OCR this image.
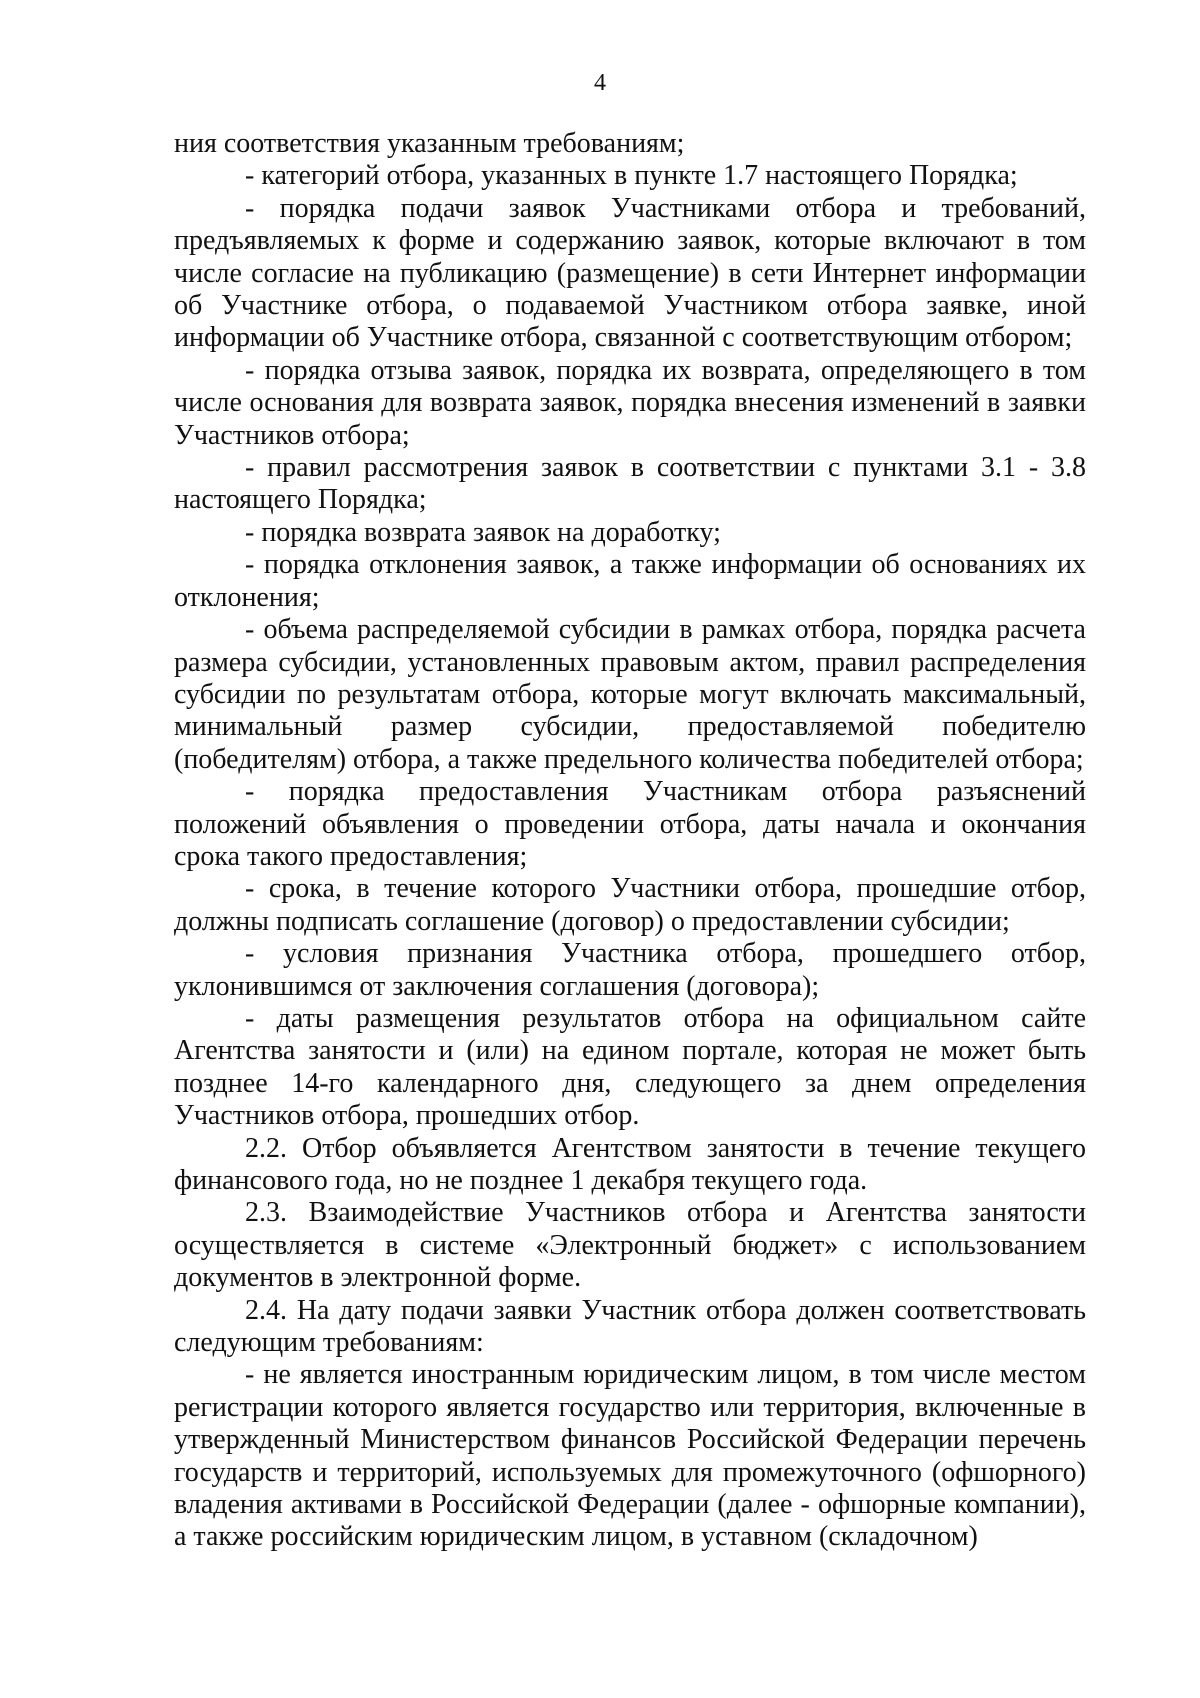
4

ния соответствия указанным требованиям;

- категорий отбора, указанных в пункте 1.7 настоящего Порядка;

- порядка подачи заявок Участниками отбора и требований, предъявляемых к форме и содержанию заявок, которые включают в том числе согласие на публикацию (размещение) в сети Интернет информации об Участнике отбора, о подаваемой Участником отбора заявке, иной информации об Участнике отбора, связанной с соответствующим отбором;

- порядка отзыва заявок, порядка их возврата, определяющего в том числе основания для возврата заявок, порядка внесения изменений в заявки Участников отбора;

- правил рассмотрения заявок в соответствии с пунктами 3.1 - 3.8 настоящего Порядка;

- порядка возврата заявок на доработку;

- порядка отклонения заявок, а также информации об основаниях их отклонения;

- объема распределяемой субсидии в рамках отбора, порядка расчета размера субсидии, установленных правовым актом, правил распределения субсидии по результатам отбора, которые могут включать максимальный, минимальный размер субсидии, предоставляемой победителю (победителям) отбора, а также предельного количества победителей отбора;

- порядка предоставления Участникам отбора разъяснений положений объявления о проведении отбора, даты начала и окончания срока такого предоставления;

- срока, в течение которого Участники отбора, прошедшие отбор, должны подписать соглашение (договор) о предоставлении субсидии;

- условия признания Участника отбора, прошедшего отбор, уклонившимся от заключения соглашения (договора);

- даты размещения результатов отбора на официальном сайте Агентства занятости и (или) на едином портале, которая не может быть позднее 14-го календарного дня, следующего за днем определения Участников отбора, прошедших отбор.

2.2. Отбор объявляется Агентством занятости в течение текущего финансового года, но не позднее 1 декабря текущего года.

2.3. Взаимодействие Участников отбора и Агентства занятости осуществляется в системе «Электронный бюджет» с использованием документов в электронной форме.

2.4. На дату подачи заявки Участник отбора должен соответствовать следующим требованиям:

- не является иностранным юридическим лицом, в том числе местом регистрации которого является государство или территория, включенные в утвержденный Министерством финансов Российской Федерации перечень государств и территорий, используемых для промежуточного (офшорного) владения активами в Российской Федерации (далее - офшорные компании), а также российским юридическим лицом, в уставном (складочном)
